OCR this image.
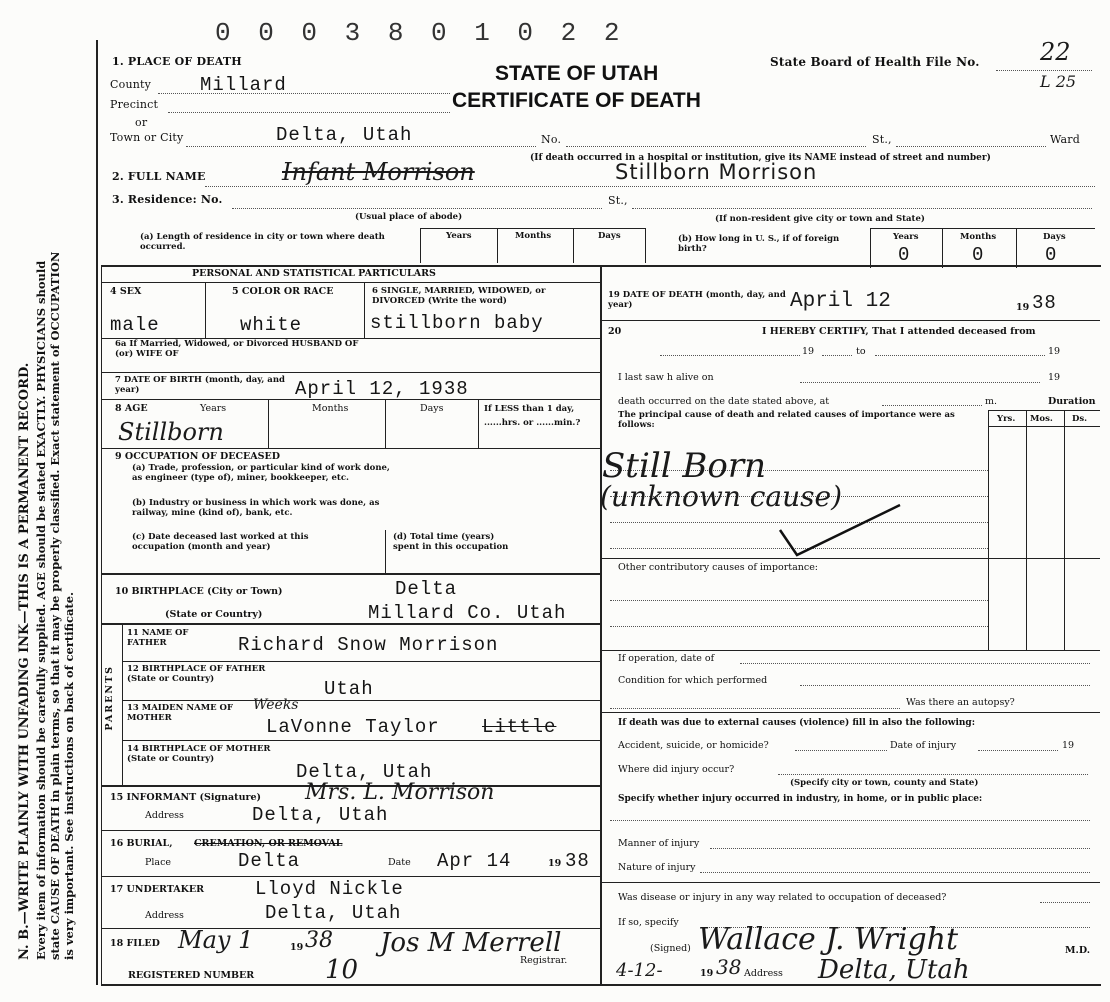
0 0 0 3 8 0 1 0 2 2
STATE OF UTAH
CERTIFICATE OF DEATH
State Board of Health File No.	22
L 25
N. B.—WRITE PLAINLY WITH UNFADING INK—THIS IS A PERMANENT RECORD. Every item of information should be carefully supplied. AGE should be stated EXACTLY. PHYSICIANS should state CAUSE OF DEATH in plain terms, so that it may be properly classified. Exact statement of OCCUPATION is very important. See instructions on back of certificate.
1. PLACE OF DEATH
County	Millard
Precinct
or
Town or City	Delta, Utah	No.	St.,	Ward
(If death occurred in a hospital or institution, give its NAME instead of street and number)
2. FULL NAME	Infant Morrison	Stillborn Morrison
3. Residence: No.	St.,
(Usual place of abode)	(If non-resident give city or town and State)
(a) Length of residence in city or town where death occurred.
Years	Months	Days	(b) How long in U. S., if of foreign birth?
Years	Months	Days
0	0	0
PERSONAL AND STATISTICAL PARTICULARS
4 SEX	5 COLOR OR RACE	6 SINGLE, MARRIED, WIDOWED, or DIVORCED (Write the word)
male	white	stillborn baby
6a If Married, Widowed, or Divorced HUSBAND OF (or) WIFE OF
7 DATE OF BIRTH (month, day, and year)	April 12, 1938
8 AGE	Years	Months	Days	If LESS than 1 day, ......hrs. or ......min.?
Stillborn
9 OCCUPATION OF DECEASED
(a) Trade, profession, or particular kind of work done, as engineer (type of), miner, bookkeeper, etc.
(b) Industry or business in which work was done, as railway, mine (kind of), bank, etc.
(c) Date deceased last worked at this occupation (month and year)
(d) Total time (years) spent in this occupation
10 BIRTHPLACE (City or Town)	Delta
(State or Country)	Millard Co. Utah
PARENTS
11 NAME OF FATHER	Richard Snow Morrison
12 BIRTHPLACE OF FATHER (State or Country)	Utah
13 MAIDEN NAME OF MOTHER
Weeks
LaVonne Taylor Little
14 BIRTHPLACE OF MOTHER (State or Country)
Delta, Utah
15 INFORMANT (Signature) Mrs. L. Morrison
Address	Delta, Utah
16 BURIAL, CREMATION, OR REMOVAL
Place	Delta	Date Apr 14	19 38
17 UNDERTAKER	Lloyd Nickle
Address	Delta, Utah
18 FILED May 1	19 38 Jos M Merrell
Registrar.
REGISTERED NUMBER	10
19 DATE OF DEATH (month, day, and year)	April 12	19 38
20	I HEREBY CERTIFY, That I attended deceased from
19	to	19
I last saw h alive on	19
death occurred on the date stated above, at	m.	Duration
The principal cause of death and related causes of importance were as follows:
Yrs. Mos. Ds.
Still Born
(unknown cause)
Other contributory causes of importance:
If operation, date of
Condition for which performed
Was there an autopsy?
If death was due to external causes (violence) fill in also the following:
Accident, suicide, or homicide?	Date of injury	19
Where did injury occur?
(Specify city or town, county and State)
Specify whether injury occurred in industry, in home, or in public place:
Manner of injury
Nature of injury
Was disease or injury in any way related to occupation of deceased?
If so, specify
(Signed) Wallace J. Wright	M.D.
4-12-	19 38 Address Delta, Utah
